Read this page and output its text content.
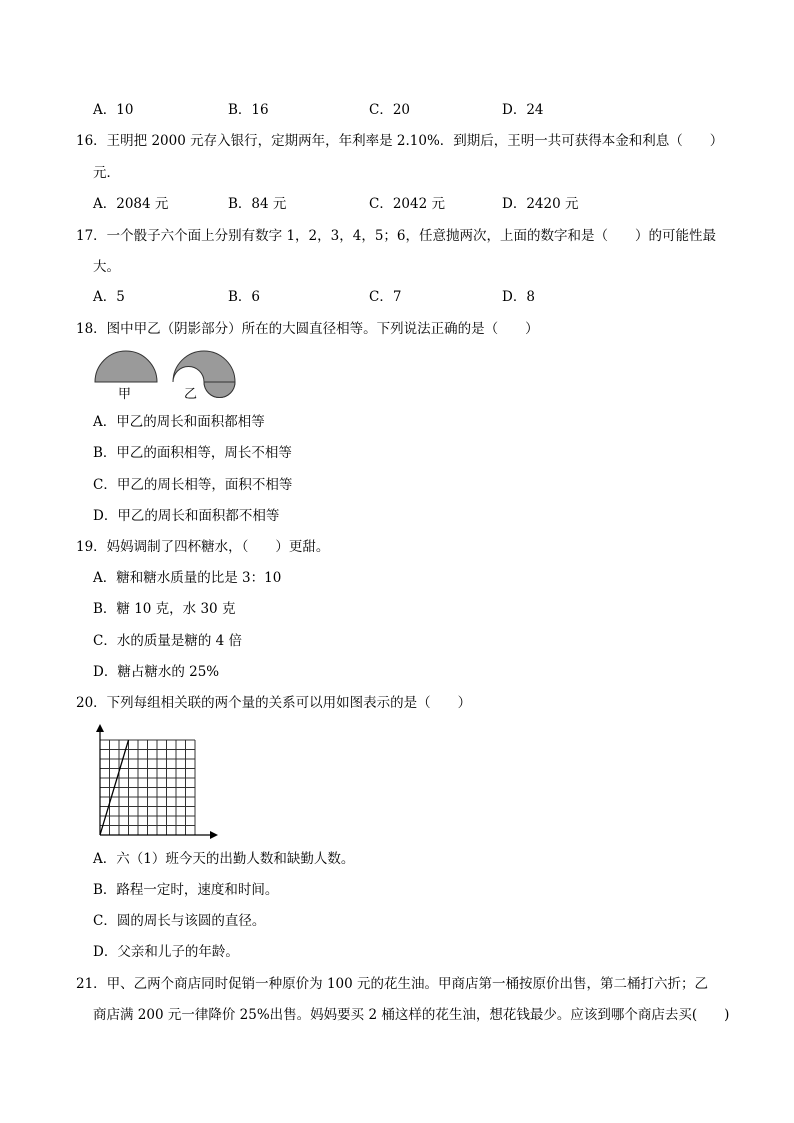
A．10	B．16	C．20	D．24
16．王明把 2000 元存入银行，定期两年，年利率是 2.10%．到期后，王明一共可获得本金和利息（　　）
元．
A．2084 元	B．84 元	C．2042 元	D．2420 元
17．一个骰子六个面上分别有数字 1，2，3，4，5；6，任意抛两次，上面的数字和是（　　）的可能性最
大。
A．5	B．6	C．7	D．8
18．图中甲乙（阴影部分）所在的大圆直径相等。下列说法正确的是（　　）
甲	乙
A．甲乙的周长和面积都相等
B．甲乙的面积相等，周长不相等
C．甲乙的周长相等，面积不相等
D．甲乙的周长和面积都不相等
19．妈妈调制了四杯糖水，（　　）更甜。
A．糖和糖水质量的比是 3：10
B．糖 10 克，水 30 克
C．水的质量是糖的 4 倍
D．糖占糖水的 25%
20．下列每组相关联的两个量的关系可以用如图表示的是（　　）
A．六（1）班今天的出勤人数和缺勤人数。
B．路程一定时，速度和时间。
C．圆的周长与该圆的直径。
D．父亲和儿子的年龄。
21．甲、乙两个商店同时促销一种原价为 100 元的花生油。甲商店第一桶按原价出售，第二桶打六折；乙
商店满 200 元一律降价 25%出售。妈妈要买 2 桶这样的花生油，想花钱最少。应该到哪个商店去买(　　)
